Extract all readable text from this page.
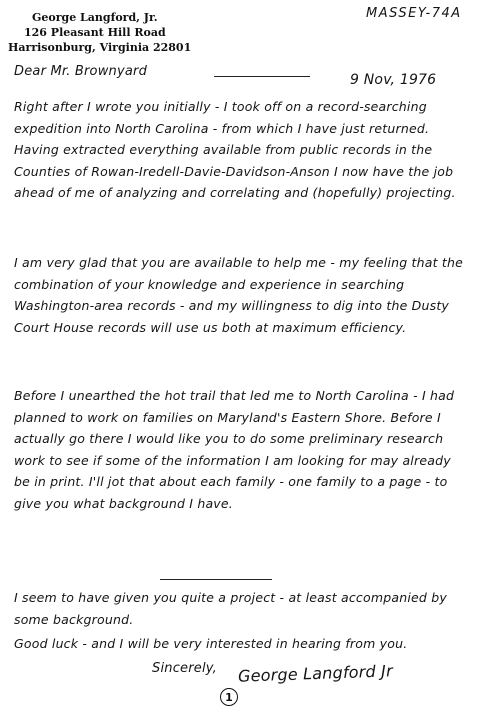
George Langford, Jr.
126 Pleasant Hill Road
Harrisonburg, Virginia 22801
MASSEY-74A
Dear Mr. Brownyard
9 Nov, 1976
Right after I wrote you initially - I took off on a record-searching expedition into North Carolina - from which I have just returned. Having extracted everything available from public records in the Counties of Rowan-Iredell-Davie-Davidson-Anson I now have the job ahead of me of analyzing and correlating and (hopefully) projecting.
I am very glad that you are available to help me - my feeling that the combination of your knowledge and experience in searching Washington-area records - and my willingness to dig into the Dusty Court House records will use us both at maximum efficiency.
Before I unearthed the hot trail that led me to North Carolina - I had planned to work on families on Maryland's Eastern Shore. Before I actually go there I would like you to do some preliminary research work to see if some of the information I am looking for may already be in print. I'll jot that about each family - one family to a page - to give you what background I have.
I seem to have given you quite a project - at least accompanied by some background.
Good luck - and I will be very interested in hearing from you.
Sincerely, George Langford Jr
1
